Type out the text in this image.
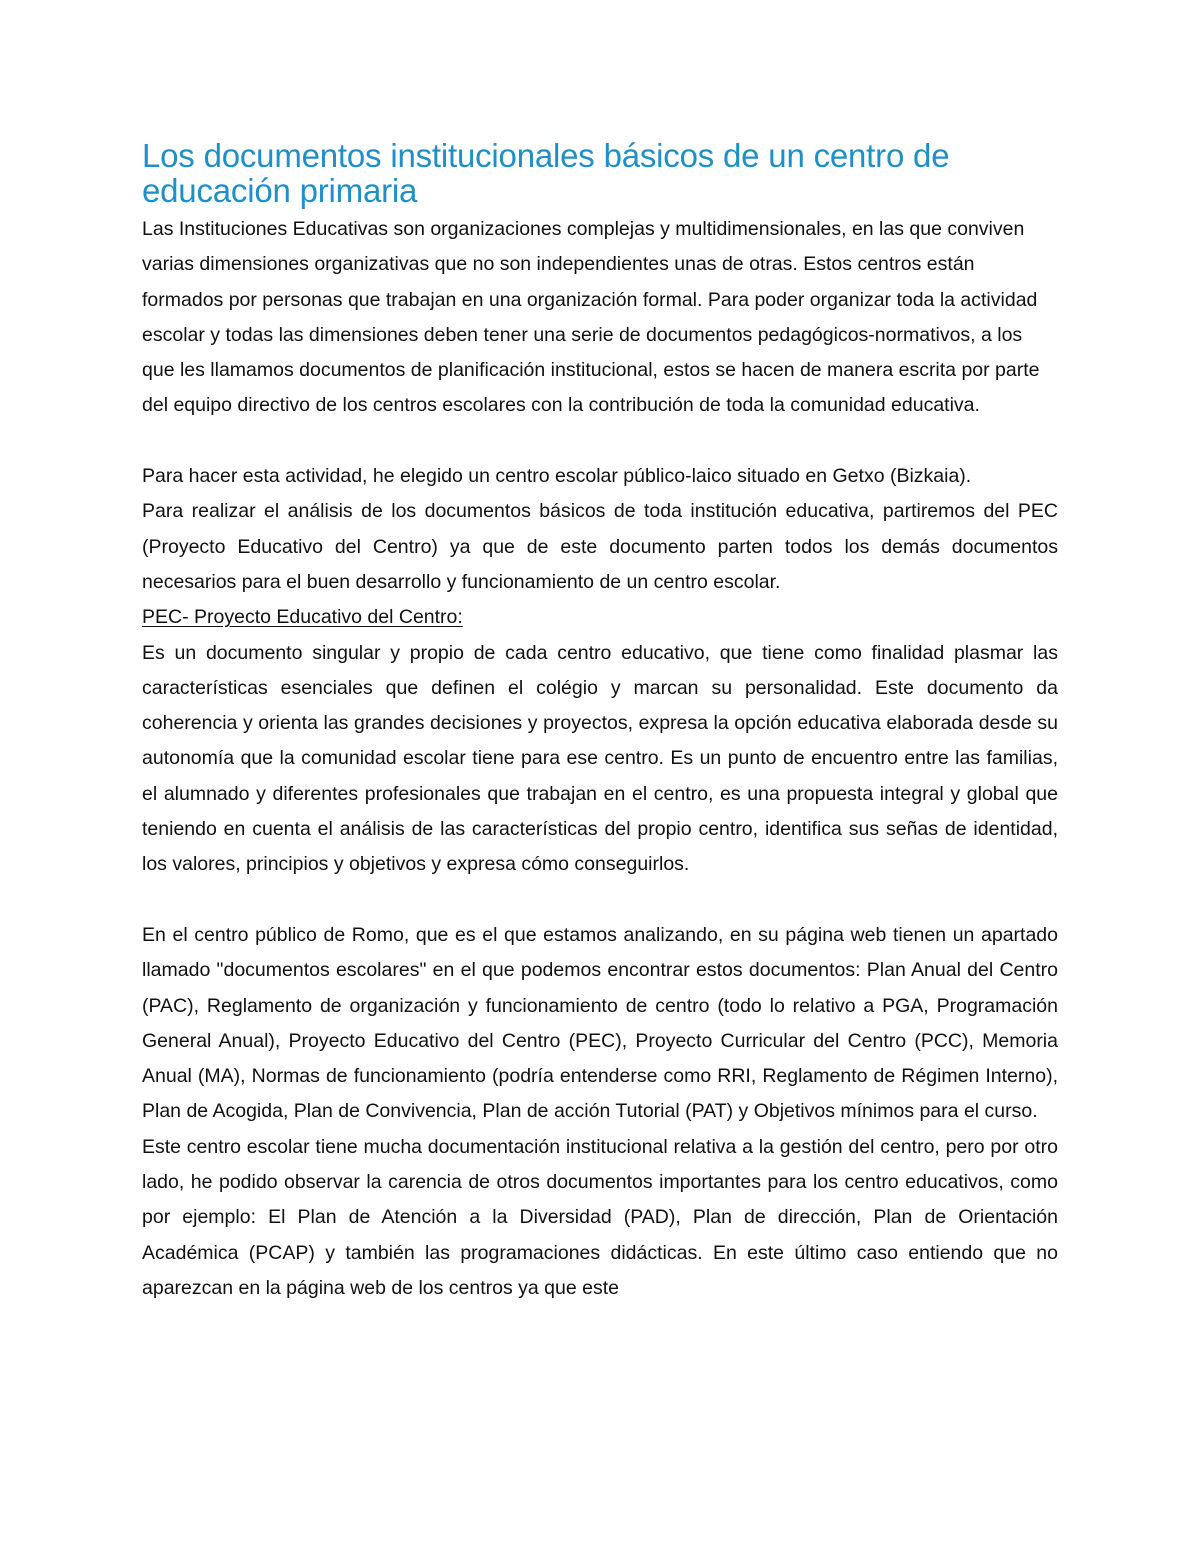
Los documentos institucionales básicos de un centro de educación primaria

Las Instituciones Educativas son organizaciones complejas y multidimensionales, en las que conviven varias dimensiones organizativas que no son independientes unas de otras. Estos centros están formados por personas que trabajan en una organización formal. Para poder organizar toda la actividad escolar y todas las dimensiones deben tener una serie de documentos pedagógicos-normativos, a los que les llamamos documentos de planificación institucional, estos se hacen de manera escrita por parte del equipo directivo de los centros escolares con la contribución de toda la comunidad educativa.

Para hacer esta actividad, he elegido un centro escolar público-laico situado en Getxo (Bizkaia).

Para realizar el análisis de los documentos básicos de toda institución educativa, partiremos del PEC (Proyecto Educativo del Centro) ya que de este documento parten todos los demás documentos necesarios para el buen desarrollo y funcionamiento de un centro escolar.

PEC- Proyecto Educativo del Centro:

Es un documento singular y propio de cada centro educativo, que tiene como finalidad plasmar las características esenciales que definen el colégio y marcan su personalidad. Este documento da coherencia y orienta las grandes decisiones y proyectos, expresa la opción educativa elaborada desde su autonomía que la comunidad escolar tiene para ese centro. Es un punto de encuentro entre las familias, el alumnado y diferentes profesionales que trabajan en el centro, es una propuesta integral y global que teniendo en cuenta el análisis de las características del propio centro, identifica sus señas de identidad, los valores, principios y objetivos y expresa cómo conseguirlos.

En el centro público de Romo, que es el que estamos analizando, en su página web tienen un apartado llamado "documentos escolares" en el que podemos encontrar estos documentos: Plan Anual del Centro (PAC), Reglamento de organización y funcionamiento de centro (todo lo relativo a PGA, Programación General Anual), Proyecto Educativo del Centro (PEC), Proyecto Curricular del Centro (PCC), Memoria Anual (MA), Normas de funcionamiento (podría entenderse como RRI, Reglamento de Régimen Interno), Plan de Acogida, Plan de Convivencia, Plan de acción Tutorial (PAT) y Objetivos mínimos para el curso.

Este centro escolar tiene mucha documentación institucional relativa a la gestión del centro, pero por otro lado, he podido observar la carencia de otros documentos importantes para los centro educativos, como por ejemplo: El Plan de Atención a la Diversidad (PAD), Plan de dirección, Plan de Orientación Académica (PCAP) y también las programaciones didácticas. En este último caso entiendo que no aparezcan en la página web de los centros ya que este
